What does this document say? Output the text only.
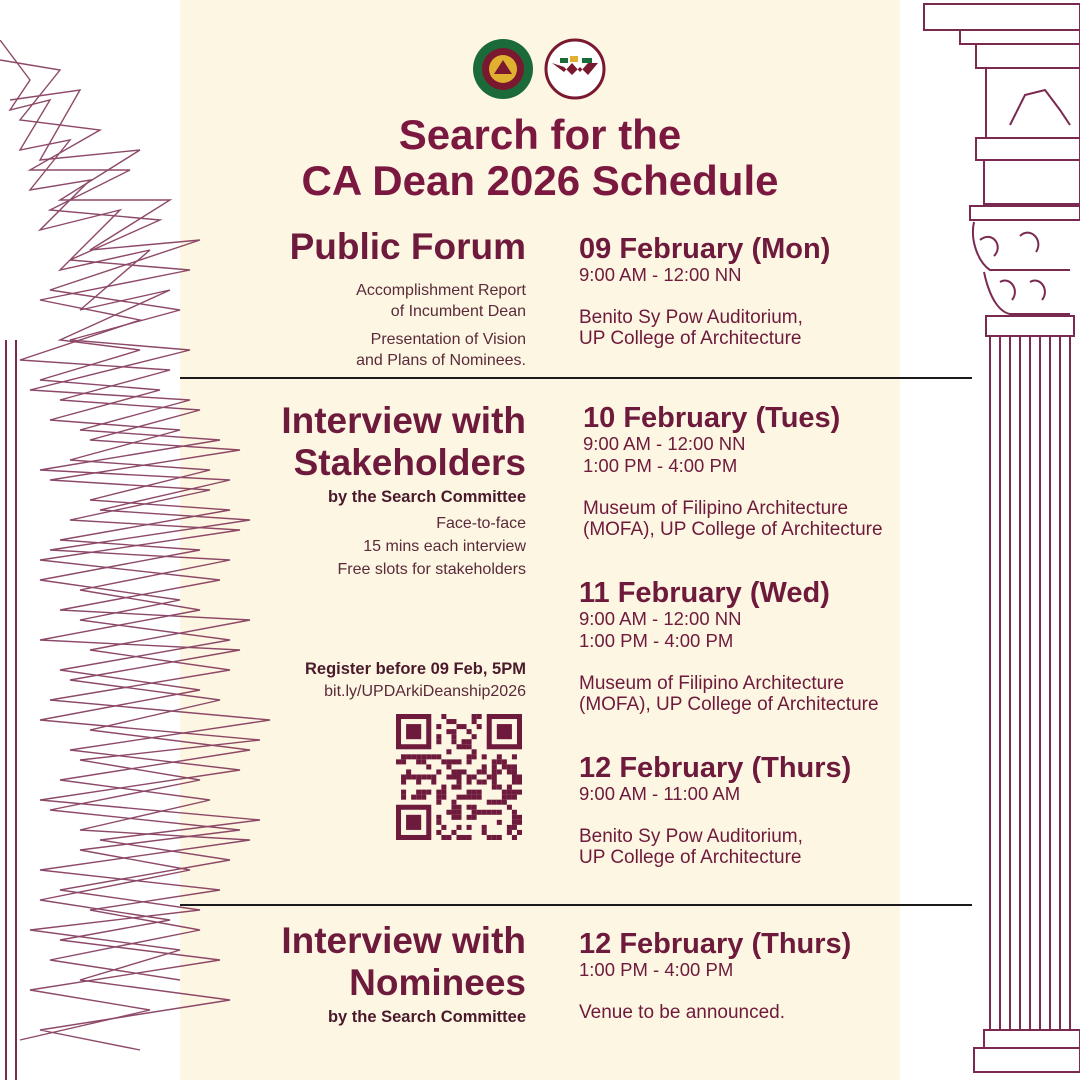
Search for the
CA Dean 2026 Schedule
Public Forum
Accomplishment Report
of Incumbent Dean
Presentation of Vision
and Plans of Nominees.
09 February (Mon)
9:00 AM - 12:00 NN
Benito Sy Pow Auditorium,
UP College of Architecture
Interview with
Stakeholders
by the Search Committee
Face-to-face
15 mins each interview
Free slots for stakeholders
Register before 09 Feb, 5PM
bit.ly/UPDArkiDeanship2026
10 February (Tues)
9:00 AM - 12:00 NN
1:00 PM - 4:00 PM
Museum of Filipino Architecture
(MOFA), UP College of Architecture
11 February (Wed)
9:00 AM - 12:00 NN
1:00 PM - 4:00 PM
Museum of Filipino Architecture
(MOFA), UP College of Architecture
12 February (Thurs)
9:00 AM - 11:00 AM
Benito Sy Pow Auditorium,
UP College of Architecture
Interview with
Nominees
by the Search Committee
12 February (Thurs)
1:00 PM - 4:00 PM
Venue to be announced.
